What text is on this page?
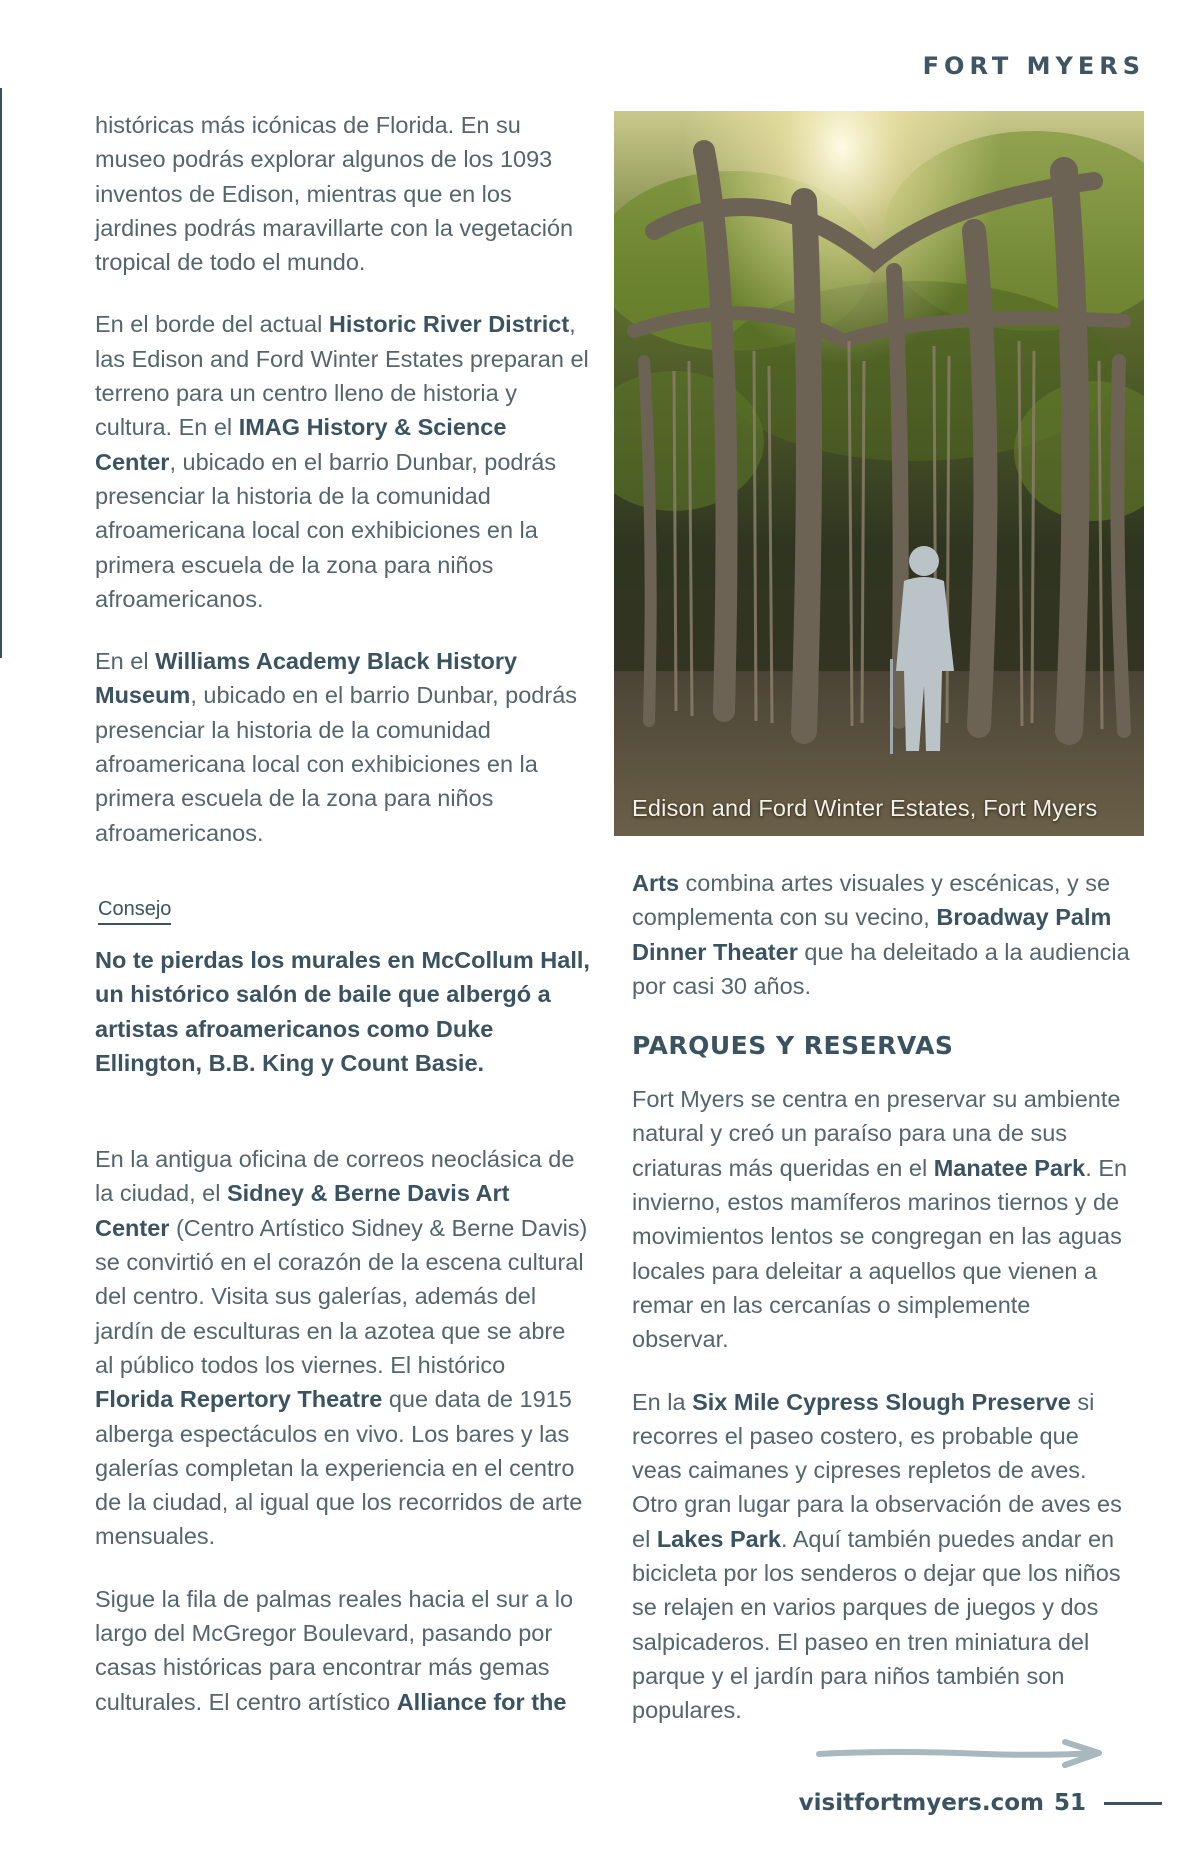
FORT MYERS

históricas más icónicas de Florida. En su museo podrás explorar algunos de los 1093 inventos de Edison, mientras que en los jardines podrás maravillarte con la vegetación tropical de todo el mundo.

En el borde del actual Historic River District, las Edison and Ford Winter Estates preparan el terreno para un centro lleno de historia y cultura. En el IMAG History & Science Center, ubicado en el barrio Dunbar, podrás presenciar la historia de la comunidad afroamericana local con exhibiciones en la primera escuela de la zona para niños afroamericanos.

En el Williams Academy Black History Museum, ubicado en el barrio Dunbar, podrás presenciar la historia de la comunidad afroamericana local con exhibiciones en la primera escuela de la zona para niños afroamericanos.

Consejo

No te pierdas los murales en McCollum Hall, un histórico salón de baile que albergó a artistas afroamericanos como Duke Ellington, B.B. King y Count Basie.

En la antigua oficina de correos neoclásica de la ciudad, el Sidney & Berne Davis Art Center (Centro Artístico Sidney & Berne Davis) se convirtió en el corazón de la escena cultural del centro. Visita sus galerías, además del jardín de esculturas en la azotea que se abre al público todos los viernes. El histórico Florida Repertory Theatre que data de 1915 alberga espectáculos en vivo. Los bares y las galerías completan la experiencia en el centro de la ciudad, al igual que los recorridos de arte mensuales.

Sigue la fila de palmas reales hacia el sur a lo largo del McGregor Boulevard, pasando por casas históricas para encontrar más gemas culturales. El centro artístico Alliance for the

Edison and Ford Winter Estates, Fort Myers

Arts combina artes visuales y escénicas, y se complementa con su vecino, Broadway Palm Dinner Theater que ha deleitado a la audiencia por casi 30 años.

PARQUES Y RESERVAS

Fort Myers se centra en preservar su ambiente natural y creó un paraíso para una de sus criaturas más queridas en el Manatee Park. En invierno, estos mamíferos marinos tiernos y de movimientos lentos se congregan en las aguas locales para deleitar a aquellos que vienen a remar en las cercanías o simplemente observar.

En la Six Mile Cypress Slough Preserve si recorres el paseo costero, es probable que veas caimanes y cipreses repletos de aves. Otro gran lugar para la observación de aves es el Lakes Park. Aquí también puedes andar en bicicleta por los senderos o dejar que los niños se relajen en varios parques de juegos y dos salpicaderos. El paseo en tren miniatura del parque y el jardín para niños también son populares.

visitfortmyers.com 51
